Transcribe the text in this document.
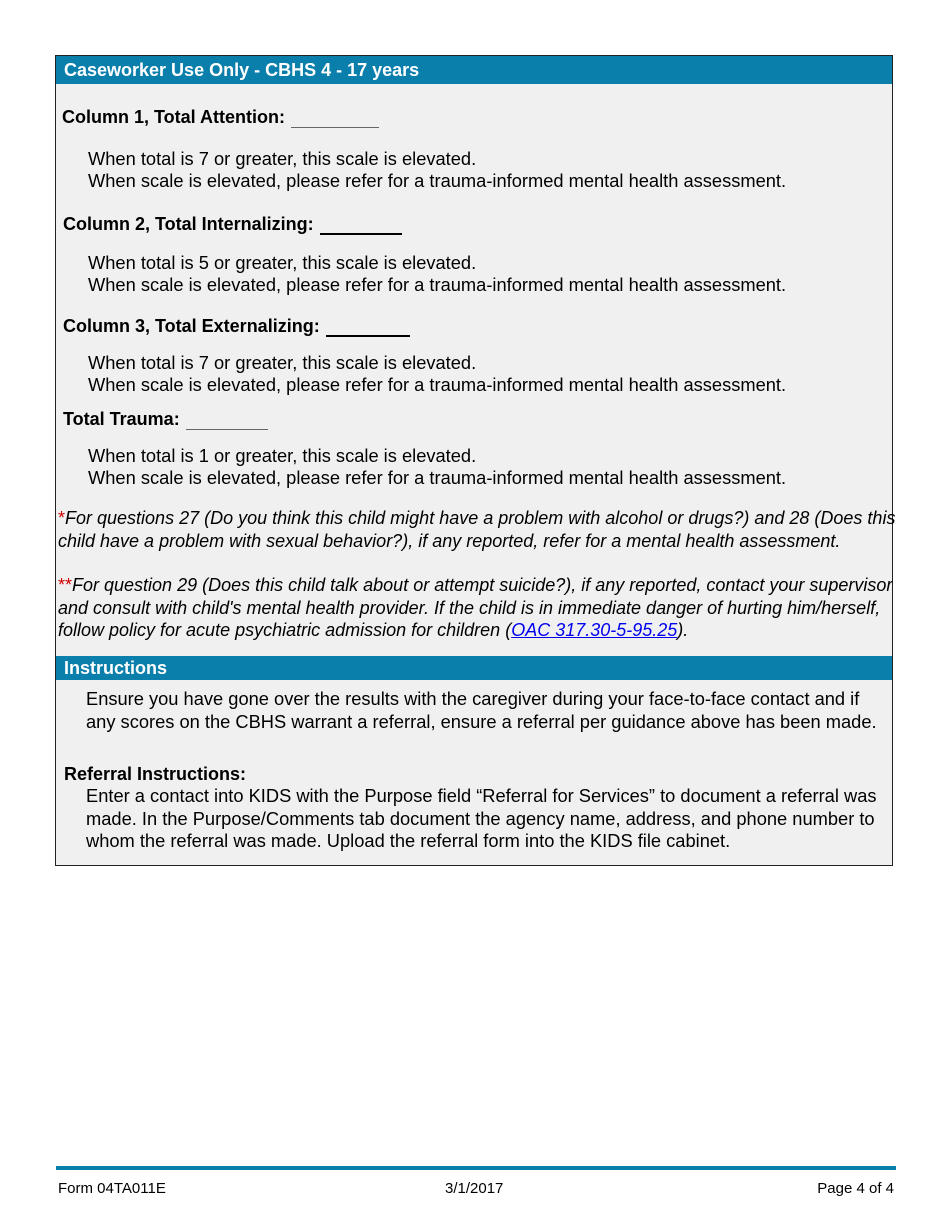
Caseworker Use Only - CBHS 4 - 17 years
Column 1, Total Attention:
When total is 7 or greater, this scale is elevated.
When scale is elevated, please refer for a trauma-informed mental health assessment.
Column 2, Total Internalizing:
When total is 5 or greater, this scale is elevated.
When scale is elevated, please refer for a trauma-informed mental health assessment.
Column 3, Total Externalizing:
When total is 7 or greater, this scale is elevated.
When scale is elevated, please refer for a trauma-informed mental health assessment.
Total Trauma:
When total is 1 or greater, this scale is elevated.
When scale is elevated, please refer for a trauma-informed mental health assessment.
*For questions 27 (Do you think this child might have a problem with alcohol or drugs?) and 28 (Does this child have a problem with sexual behavior?), if any reported, refer for a mental health assessment.
**For question 29 (Does this child talk about or attempt suicide?), if any reported, contact your supervisor and consult with child's mental health provider. If the child is in immediate danger of hurting him/herself, follow policy for acute psychiatric admission for children (OAC 317.30-5-95.25).
Instructions
Ensure you have gone over the results with the caregiver during your face-to-face contact and if any scores on the CBHS warrant a referral, ensure a referral per guidance above has been made.
Referral Instructions:
Enter a contact into KIDS with the Purpose field “Referral for Services” to document a referral was made. In the Purpose/Comments tab document the agency name, address, and phone number to whom the referral was made. Upload the referral form into the KIDS file cabinet.
Form 04TA011E	3/1/2017	Page 4 of 4
